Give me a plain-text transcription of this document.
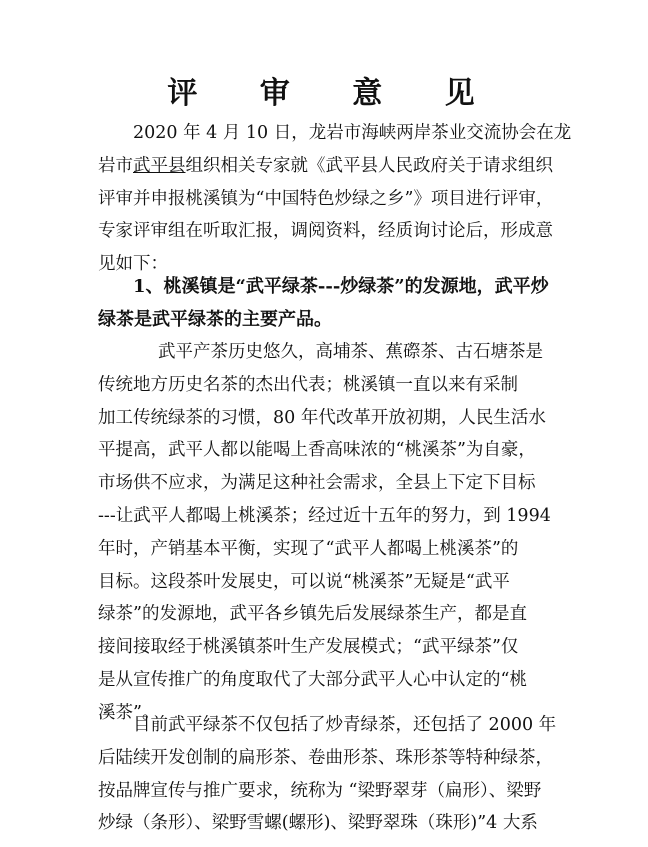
评 审 意 见
2020 年 4 月 10 日，龙岩市海峡两岸茶业交流协会在龙
岩市武平县组织相关专家就《武平县人民政府关于请求组织
评审并申报桃溪镇为“中国特色炒绿之乡”》项目进行评审，
专家评审组在听取汇报，调阅资料，经质询讨论后，形成意
见如下：
1、桃溪镇是“武平绿茶---炒绿茶”的发源地，武平炒
绿茶是武平绿茶的主要产品。
武平产茶历史悠久，高埔茶、蕉磜茶、古石塘茶是
传统地方历史名茶的杰出代表；桃溪镇一直以来有采制
加工传统绿茶的习惯，80 年代改革开放初期，人民生活水
平提高，武平人都以能喝上香高味浓的“桃溪茶”为自豪，
市场供不应求，为满足这种社会需求，全县上下定下目标
---让武平人都喝上桃溪茶；经过近十五年的努力，到 1994
年时，产销基本平衡，实现了“武平人都喝上桃溪茶”的
目标。这段茶叶发展史，可以说“桃溪茶”无疑是“武平
绿茶”的发源地，武平各乡镇先后发展绿茶生产，都是直
接间接取经于桃溪镇茶叶生产发展模式；“武平绿茶”仅
是从宣传推广的角度取代了大部分武平人心中认定的“桃
溪茶”。
目前武平绿茶不仅包括了炒青绿茶，还包括了 2000 年
后陆续开发创制的扁形茶、卷曲形茶、珠形茶等特种绿茶，
按品牌宣传与推广要求，统称为 “梁野翠芽（扁形）、梁野
炒绿（条形）、梁野雪螺(螺形)、梁野翠珠（珠形)”4 大系
